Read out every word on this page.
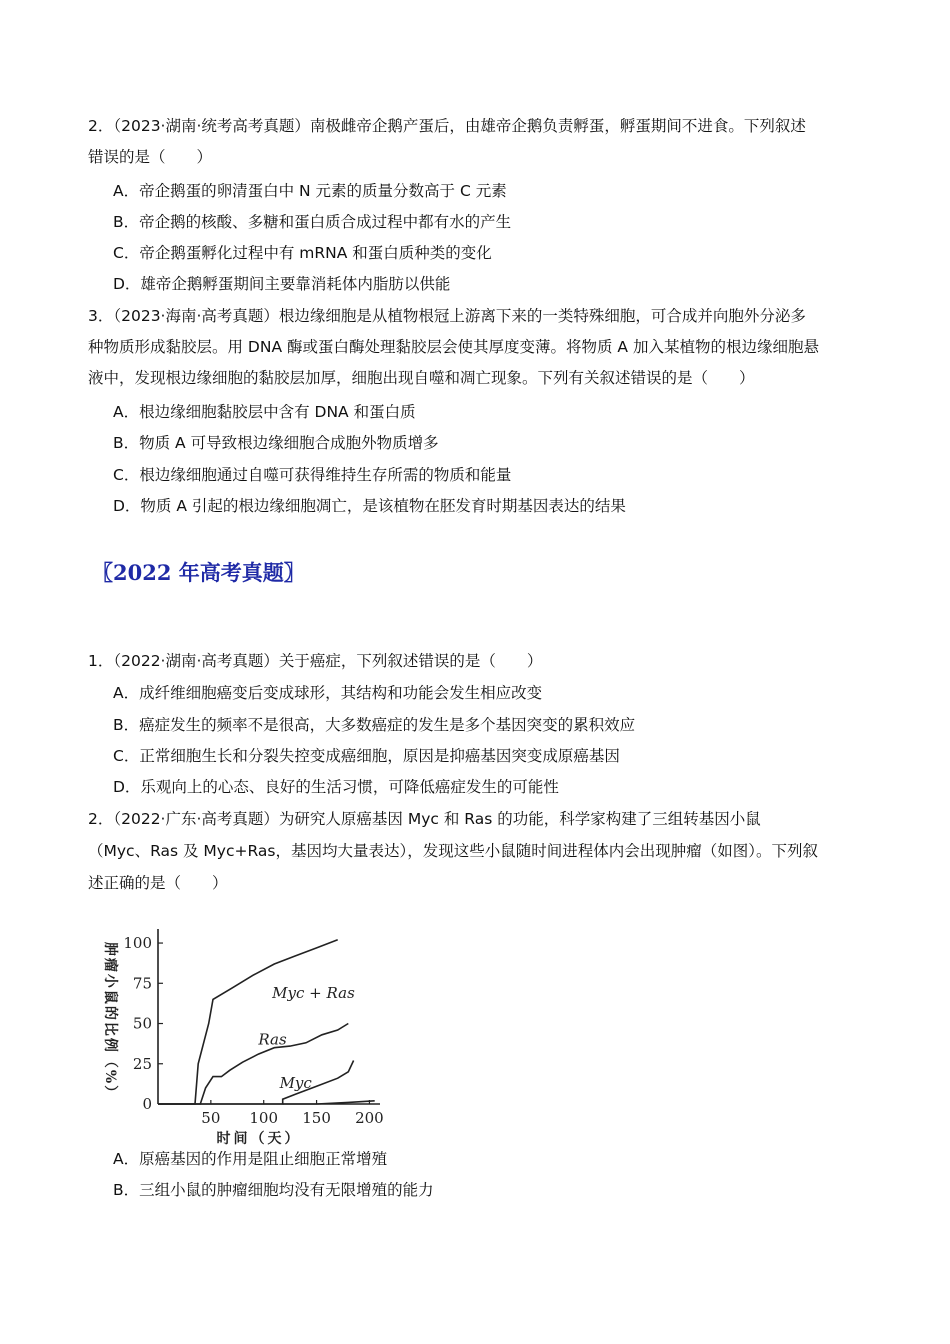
2．（2023·湖南·统考高考真题）南极雌帝企鹅产蛋后，由雄帝企鹅负责孵蛋，孵蛋期间不进食。下列叙述
错误的是（　　）
A．帝企鹅蛋的卵清蛋白中 N 元素的质量分数高于 C 元素
B．帝企鹅的核酸、多糖和蛋白质合成过程中都有水的产生
C．帝企鹅蛋孵化过程中有 mRNA 和蛋白质种类的变化
D．雄帝企鹅孵蛋期间主要靠消耗体内脂肪以供能
3．（2023·海南·高考真题）根边缘细胞是从植物根冠上游离下来的一类特殊细胞，可合成并向胞外分泌多
种物质形成黏胶层。用 DNA 酶或蛋白酶处理黏胶层会使其厚度变薄。将物质 A 加入某植物的根边缘细胞悬
液中，发现根边缘细胞的黏胶层加厚，细胞出现自噬和凋亡现象。下列有关叙述错误的是（　　）
A．根边缘细胞黏胶层中含有 DNA 和蛋白质
B．物质 A 可导致根边缘细胞合成胞外物质增多
C．根边缘细胞通过自噬可获得维持生存所需的物质和能量
D．物质 A 引起的根边缘细胞凋亡，是该植物在胚发育时期基因表达的结果
〖2022 年高考真题〗
1．（2022·湖南·高考真题）关于癌症，下列叙述错误的是（　　）
A．成纤维细胞癌变后变成球形，其结构和功能会发生相应改变
B．癌症发生的频率不是很高，大多数癌症的发生是多个基因突变的累积效应
C．正常细胞生长和分裂失控变成癌细胞，原因是抑癌基因突变成原癌基因
D．乐观向上的心态、良好的生活习惯，可降低癌症发生的可能性
2．（2022·广东·高考真题）为研究人原癌基因 Myc 和 Ras 的功能，科学家构建了三组转基因小鼠
（Myc、Ras 及 Myc+Ras，基因均大量表达），发现这些小鼠随时间进程体内会出现肿瘤（如图）。下列叙
述正确的是（　　）
A．原癌基因的作用是阻止细胞正常增殖
B．三组小鼠的肿瘤细胞均没有无限增殖的能力
0
25
50
75
100
50 100 150 200
时间（天）
肿瘤小鼠的比例（%）	Myc + Ras
Ras
Myc
